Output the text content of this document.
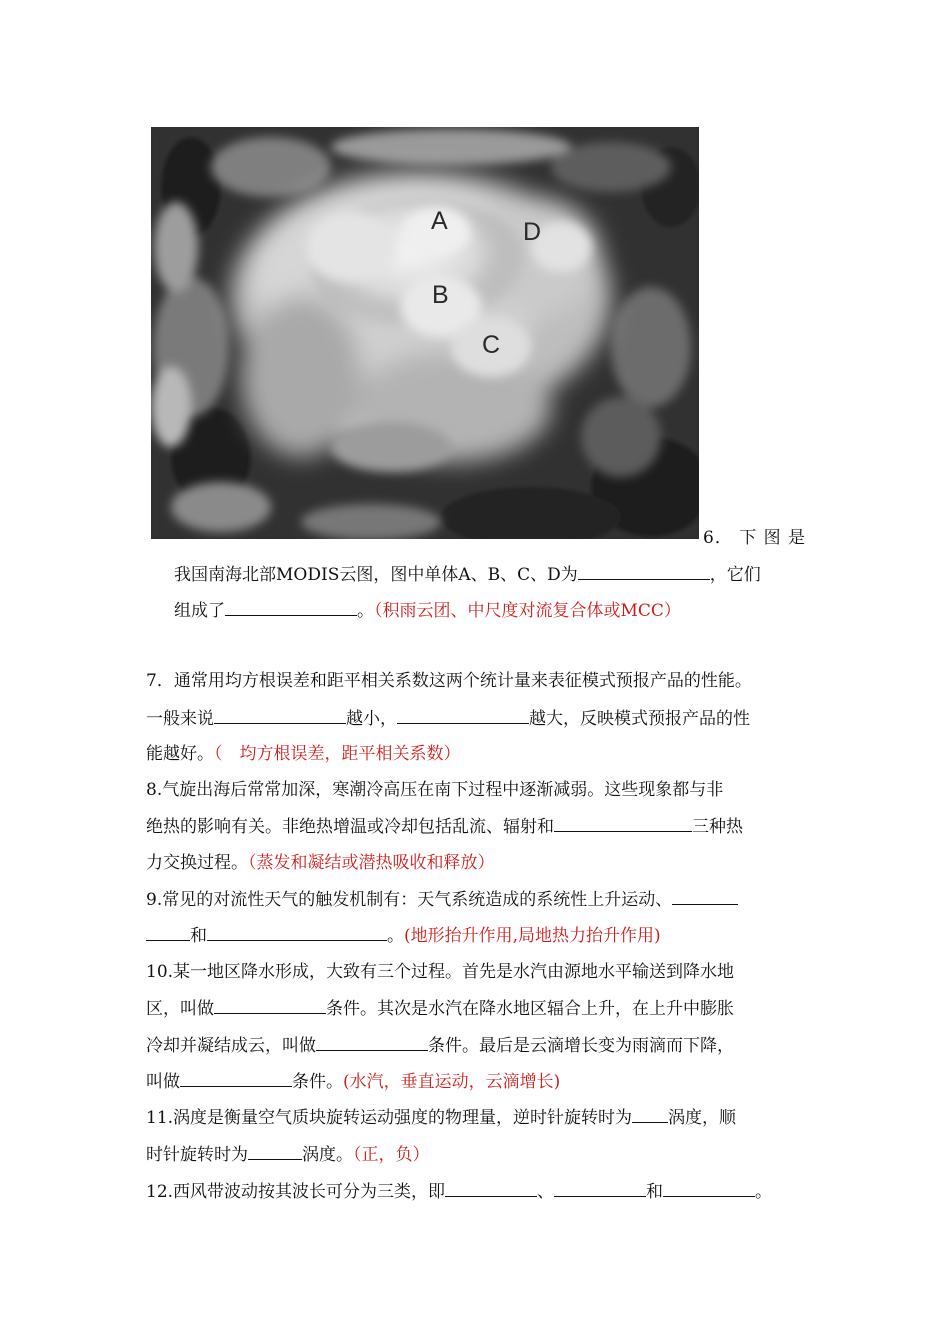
A	D
B
C
6． 下 图 是
我国南海北部MODIS云图，图中单体A、B、C、D为	，它们
组成了	。（积雨云团、中尺度对流复合体或MCC）
7．通常用均方根误差和距平相关系数这两个统计量来表征模式预报产品的性能。
一般来说	越小，	越大，反映模式预报产品的性
能越好。（　均方根误差，距平相关系数）
8.气旋出海后常常加深，寒潮冷高压在南下过程中逐渐减弱。这些现象都与非
绝热的影响有关。非绝热增温或冷却包括乱流、辐射和	三种热
力交换过程。（蒸发和凝结或潜热吸收和释放）
9.常见的对流性天气的触发机制有：天气系统造成的系统性上升运动、
和	。(地形抬升作用,局地热力抬升作用)
10.某一地区降水形成，大致有三个过程。首先是水汽由源地水平输送到降水地
区，叫做	条件。其次是水汽在降水地区辐合上升，在上升中膨胀
冷却并凝结成云，叫做	条件。最后是云滴增长变为雨滴而下降，
叫做	条件。(水汽，垂直运动，云滴增长)
11.涡度是衡量空气质块旋转运动强度的物理量，逆时针旋转时为 涡度，顺
时针旋转时为	涡度。（正，负）
12.西风带波动按其波长可分为三类，即	、	和	。
